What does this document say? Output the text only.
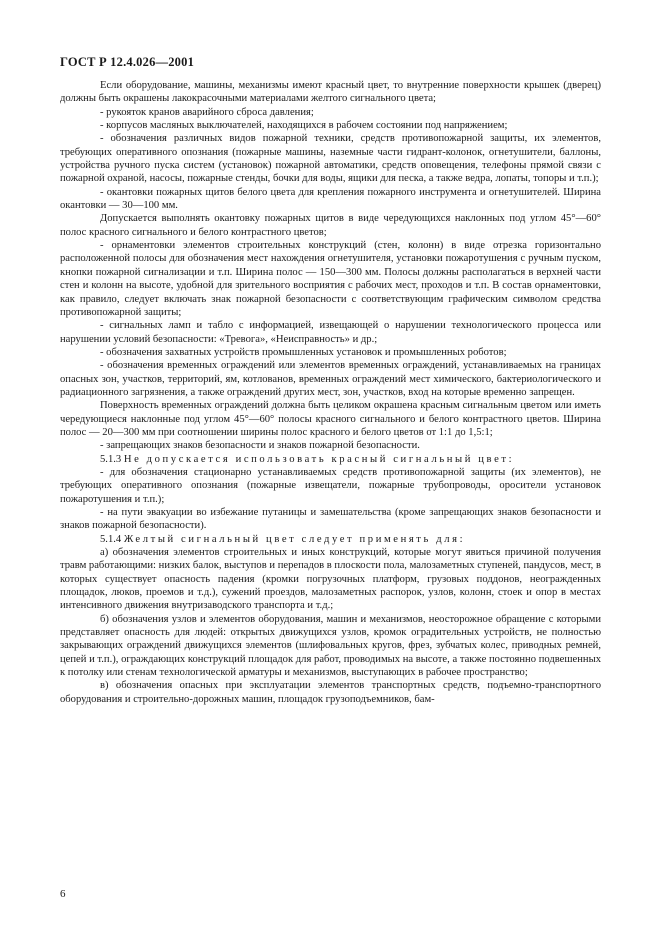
ГОСТ Р 12.4.026—2001

Если оборудование, машины, механизмы имеют красный цвет, то внутренние поверхности крышек (дверец) должны быть окрашены лакокрасочными материалами желтого сигнального цвета;

- рукояток кранов аварийного сброса давления;

- корпусов масляных выключателей, находящихся в рабочем состоянии под напряжением;

- обозначения различных видов пожарной техники, средств противопожарной защиты, их элементов, требующих оперативного опознания (пожарные машины, наземные части гидрант-колонок, огнетушители, баллоны, устройства ручного пуска систем (установок) пожарной автоматики, средств оповещения, телефоны прямой связи с пожарной охраной, насосы, пожарные стенды, бочки для воды, ящики для песка, а также ведра, лопаты, топоры и т.п.);

- окантовки пожарных щитов белого цвета для крепления пожарного инструмента и огнетушителей. Ширина окантовки — 30—100 мм.

Допускается выполнять окантовку пожарных щитов в виде чередующихся наклонных под углом 45°—60° полос красного сигнального и белого контрастного цветов;

- орнаментовки элементов строительных конструкций (стен, колонн) в виде отрезка горизонтально расположенной полосы для обозначения мест нахождения огнетушителя, установки пожаротушения с ручным пуском, кнопки пожарной сигнализации и т.п. Ширина полос — 150—300 мм. Полосы должны располагаться в верхней части стен и колонн на высоте, удобной для зрительного восприятия с рабочих мест, проходов и т.п. В состав орнаментовки, как правило, следует включать знак пожарной безопасности с соответствующим графическим символом средства противопожарной защиты;

- сигнальных ламп и табло с информацией, извещающей о нарушении технологического процесса или нарушении условий безопасности: «Тревога», «Неисправность» и др.;

- обозначения захватных устройств промышленных установок и промышленных роботов;

- обозначения временных ограждений или элементов временных ограждений, устанавливаемых на границах опасных зон, участков, территорий, ям, котлованов, временных ограждений мест химического, бактериологического и радиационного загрязнения, а также ограждений других мест, зон, участков, вход на которые временно запрещен.

Поверхность временных ограждений должна быть целиком окрашена красным сигнальным цветом или иметь чередующиеся наклонные под углом 45°—60° полосы красного сигнального и белого контрастного цветов. Ширина полос — 20—300 мм при соотношении ширины полос красного и белого цветов от 1:1 до 1,5:1;

- запрещающих знаков безопасности и знаков пожарной безопасности.

5.1.3 Не допускается использовать красный сигнальный цвет:

- для обозначения стационарно устанавливаемых средств противопожарной защиты (их элементов), не требующих оперативного опознания (пожарные извещатели, пожарные трубопроводы, оросители установок пожаротушения и т.п.);

- на пути эвакуации во избежание путаницы и замешательства (кроме запрещающих знаков безопасности и знаков пожарной безопасности).

5.1.4 Желтый сигнальный цвет следует применять для:

а) обозначения элементов строительных и иных конструкций, которые могут явиться причиной получения травм работающими: низких балок, выступов и перепадов в плоскости пола, малозаметных ступеней, пандусов, мест, в которых существует опасность падения (кромки погрузочных платформ, грузовых поддонов, неогражденных площадок, люков, проемов и т.д.), сужений проездов, малозаметных распорок, узлов, колонн, стоек и опор в местах интенсивного движения внутризаводского транспорта и т.д.;

б) обозначения узлов и элементов оборудования, машин и механизмов, неосторожное обращение с которыми представляет опасность для людей: открытых движущихся узлов, кромок оградительных устройств, не полностью закрывающих ограждений движущихся элементов (шлифовальных кругов, фрез, зубчатых колес, приводных ремней, цепей и т.п.), ограждающих конструкций площадок для работ, проводимых на высоте, а также постоянно подвешенных к потолку или стенам технологической арматуры и механизмов, выступающих в рабочее пространство;

в) обозначения опасных при эксплуатации элементов транспортных средств, подъемно-транспортного оборудования и строительно-дорожных машин, площадок грузоподъемников, бам-

6
